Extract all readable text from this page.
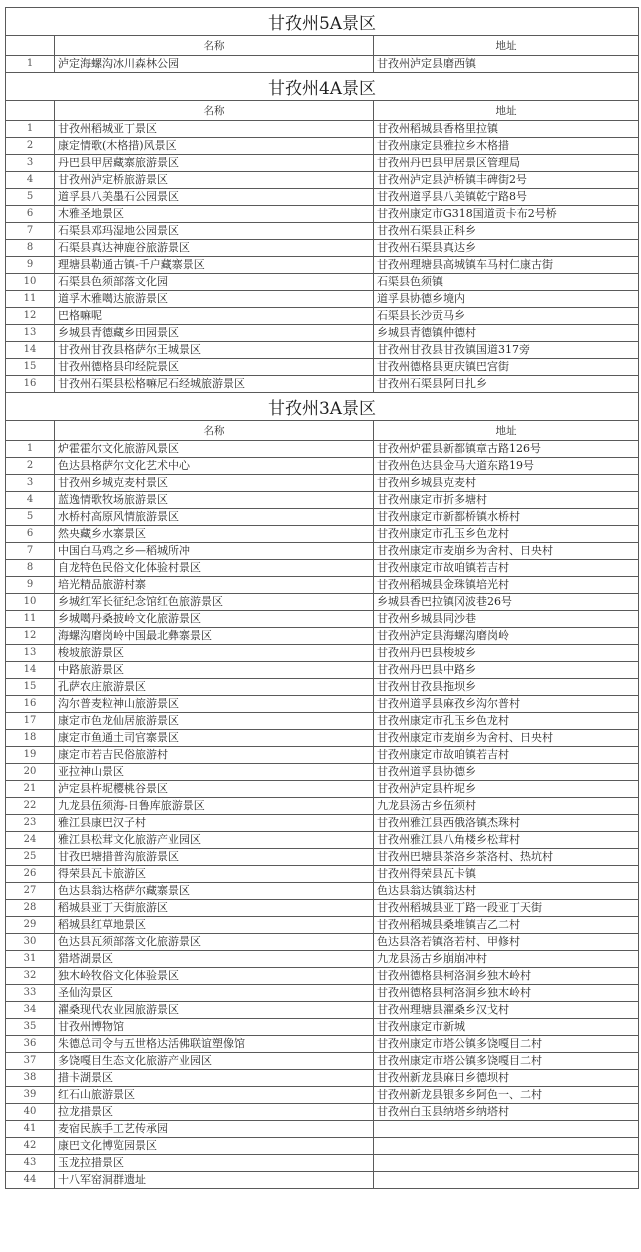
甘孜州5A景区		
	名称	地址
1	泸定海螺沟冰川森林公园	甘孜州泸定县磨西镇
甘孜州4A景区		
	名称	地址
1	甘孜州稻城亚丁景区	甘孜州稻城县香格里拉镇
2	康定情歌(木格措)风景区	甘孜州康定县雅拉乡木格措
3	丹巴县甲居藏寨旅游景区	甘孜州丹巴县甲居景区管理局
4	甘孜州泸定桥旅游景区	甘孜州泸定县泸桥镇丰碑街2号
5	道孚县八美墨石公园景区	甘孜州道孚县八美镇乾宁路8号
6	木雅圣地景区	甘孜州康定市G318国道贡卡布2号桥
7	石渠县邓玛湿地公园景区	甘孜州石渠县正科乡
8	石渠县真达神鹿谷旅游景区	甘孜州石渠县真达乡
9	理塘县勒通古镇-千户藏寨景区	甘孜州理塘县高城镇车马村仁康古街
10	石渠县色须部落文化园	石渠县色须镇
11	道孚木雅噶达旅游景区	道孚县协德乡境内
12	巴格嘛呢	石渠县长沙贡马乡
13	乡城县青德藏乡田园景区	乡城县青德镇仲德村
14	甘孜州甘孜县格萨尔王城景区	甘孜州甘孜县甘孜镇国道317旁
15	甘孜州德格县印经院景区	甘孜州德格县更庆镇巴宫街
16	甘孜州石渠县松格嘛尼石经城旅游景区	甘孜州石渠县阿日扎乡
甘孜州3A景区		
	名称	地址
1	炉霍霍尔文化旅游风景区	甘孜州炉霍县新都镇章古路126号
2	色达县格萨尔文化艺术中心	甘孜州色达县金马大道东路19号
3	甘孜州乡城克麦村景区	甘孜州乡城县克麦村
4	蓝逸情歌牧场旅游景区	甘孜州康定市折多塘村
5	水桥村高原风情旅游景区	甘孜州康定市新都桥镇水桥村
6	然央藏乡水寨景区	甘孜州康定市孔玉乡色龙村
7	中国白马鸡之乡—稻城所冲	甘孜州康定市麦崩乡为舍村、日央村
8	自龙特色民俗文化体验村景区	甘孜州康定市故咱镇若吉村
9	培光精品旅游村寨	甘孜州稻城县金珠镇培光村
10	乡城红军长征纪念馆红色旅游景区	乡城县香巴拉镇冈波巷26号
11	乡城噶丹桑披岭文化旅游景区	甘孜州乡城县同沙巷
12	海螺沟磨岗岭中国最北彝寨景区	甘孜州泸定县海螺沟磨岗岭
13	梭坡旅游景区	甘孜州丹巴县梭坡乡
14	中路旅游景区	甘孜州丹巴县中路乡
15	孔萨农庄旅游景区	甘孜州甘孜县拖坝乡
16	沟尔普麦粒神山旅游景区	甘孜州道孚县麻孜乡沟尔普村
17	康定市色龙仙居旅游景区	甘孜州康定市孔玉乡色龙村
18	康定市鱼通土司官寨景区	甘孜州康定市麦崩乡为舍村、日央村
19	康定市若吉民俗旅游村	甘孜州康定市故咱镇若吉村
20	亚拉神山景区	甘孜州道孚县协德乡
21	泸定县杵坭樱桃谷景区	甘孜州泸定县杵坭乡
22	九龙县伍须海-日鲁库旅游景区	九龙县汤古乡伍须村
23	雅江县康巴汉子村	甘孜州雅江县西俄洛镇杰珠村
24	雅江县松茸文化旅游产业园区	甘孜州雅江县八角楼乡松茸村
25	甘孜巴塘措普沟旅游景区	甘孜州巴塘县茶洛乡茶洛村、热坑村
26	得荣县瓦卡旅游区	甘孜州得荣县瓦卡镇
27	色达县翁达格萨尔藏寨景区	色达县翁达镇翁达村
28	稻城县亚丁天街旅游区	甘孜州稻城县亚丁路一段亚丁天街
29	稻城县红草地景区	甘孜州稻城县桑堆镇吉乙二村
30	色达县瓦须部落文化旅游景区	色达县洛若镇洛若村、甲修村
31	猎塔湖景区	九龙县汤古乡崩崩冲村
32	独木岭牧俗文化体验景区	甘孜州德格县柯洛洞乡独木岭村
33	圣仙沟景区	甘孜州德格县柯洛洞乡独木岭村
34	濯桑现代农业园旅游景区	甘孜州理塘县濯桑乡汉戈村
35	甘孜州博物馆	甘孜州康定市新城
36	朱德总司令与五世格达活佛联谊塑像馆	甘孜州康定市塔公镇多饶嘎目二村
37	多饶嘎目生态文化旅游产业园区	甘孜州康定市塔公镇多饶嘎目二村
38	措卡湖景区	甘孜州新龙县麻日乡德坝村
39	红石山旅游景区	甘孜州新龙县银多乡阿色一、二村
40	拉龙措景区	甘孜州白玉县纳塔乡纳塔村
41	麦宿民族手工艺传承园	
42	康巴文化博览园景区	
43	玉龙拉措景区	
44	十八军窑洞群遗址	
